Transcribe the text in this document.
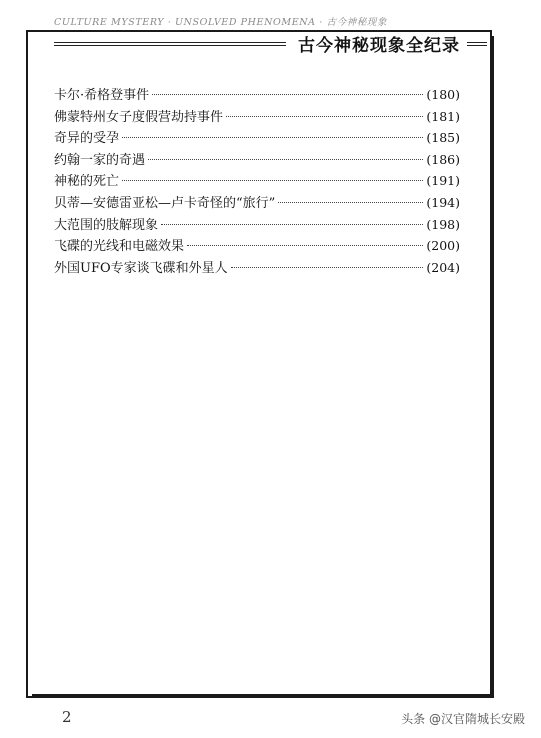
CULTURE MYSTERY · UNSOLVED PHENOMENA · 古今神秘现象
古今神秘现象全纪录
卡尔·希格登事件	(180)
佛蒙特州女子度假营劫持事件	(181)
奇异的受孕	(185)
约翰一家的奇遇	(186)
神秘的死亡	(191)
贝蒂—安德雷亚松—卢卡奇怪的“旅行”	(194)
大范围的肢解现象	(198)
飞碟的光线和电磁效果	(200)
外国UFO专家谈飞碟和外星人	(204)
2	头条 @汉官隋城长安殿
